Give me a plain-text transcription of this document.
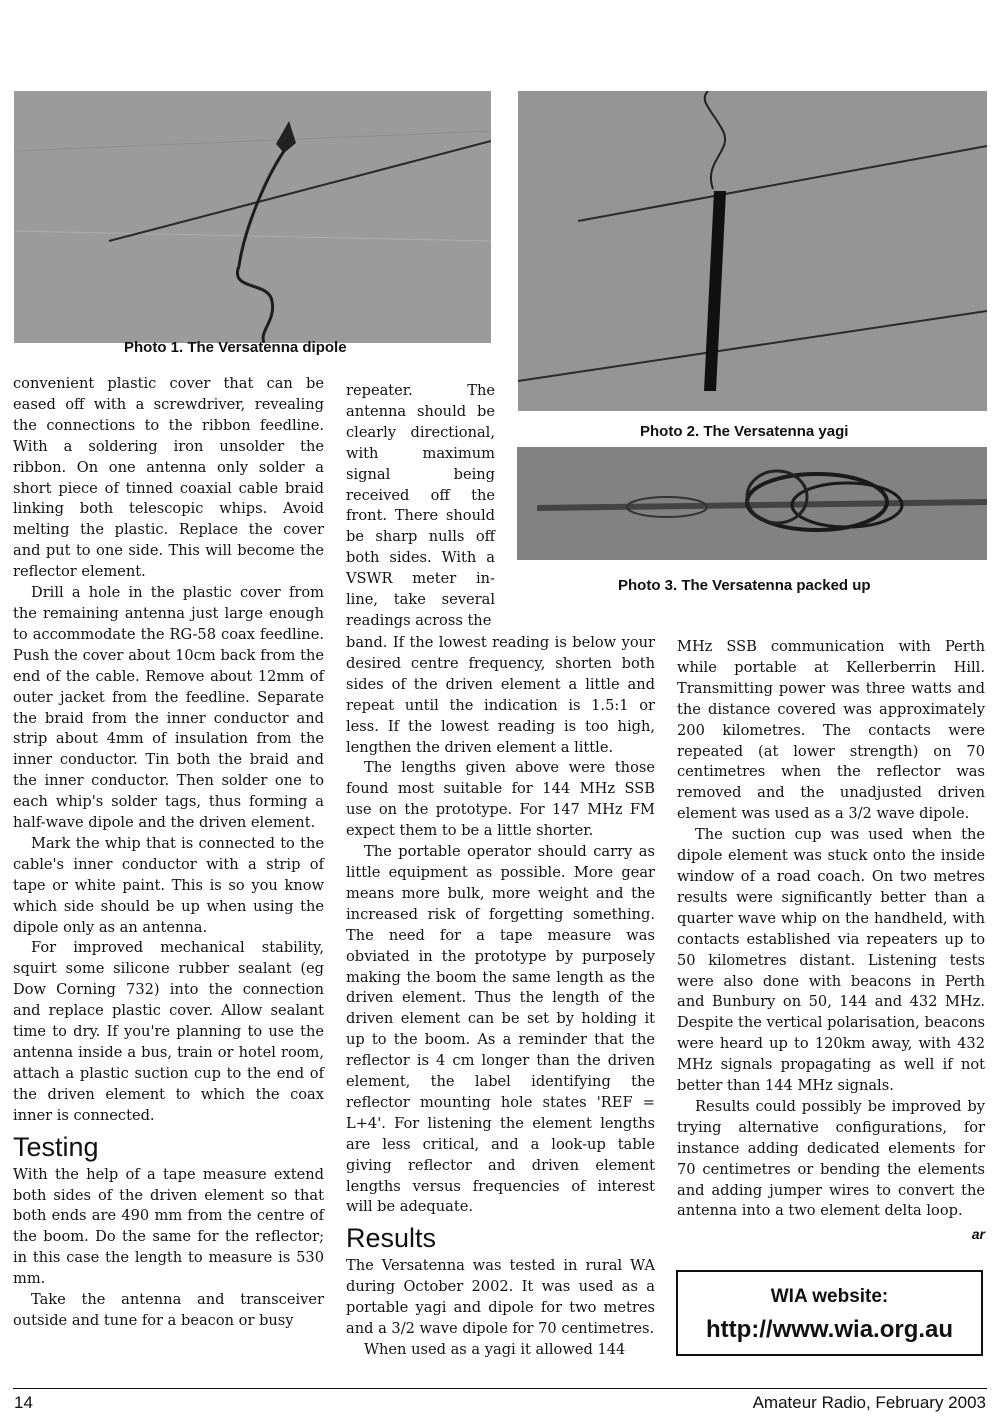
Photo 1. The Versatenna dipole
Photo 2. The Versatenna yagi
Photo 3. The Versatenna packed up

convenient plastic cover that can be eased off with a screwdriver, revealing the connections to the ribbon feedline. With a soldering iron unsolder the ribbon. On one antenna only solder a short piece of tinned coaxial cable braid linking both telescopic whips. Avoid melting the plastic. Replace the cover and put to one side. This will become the reflector element.

Drill a hole in the plastic cover from the remaining antenna just large enough to accommodate the RG-58 coax feedline. Push the cover about 10cm back from the end of the cable. Remove about 12mm of outer jacket from the feedline. Separate the braid from the inner conductor and strip about 4mm of insulation from the inner conductor. Tin both the braid and the inner conductor. Then solder one to each whip's solder tags, thus forming a half-wave dipole and the driven element.

Mark the whip that is connected to the cable's inner conductor with a strip of tape or white paint. This is so you know which side should be up when using the dipole only as an antenna.

For improved mechanical stability, squirt some silicone rubber sealant (eg Dow Corning 732) into the connection and replace plastic cover. Allow sealant time to dry. If you're planning to use the antenna inside a bus, train or hotel room, attach a plastic suction cup to the end of the driven element to which the coax inner is connected.

Testing

With the help of a tape measure extend both sides of the driven element so that both ends are 490 mm from the centre of the boom. Do the same for the reflector; in this case the length to measure is 530 mm.

Take the antenna and transceiver outside and tune for a beacon or busy

repeater. The antenna should be clearly directional, with maximum signal being received off the front. There should be sharp nulls off both sides. With a VSWR meter in-line, take several readings across the

band. If the lowest reading is below your desired centre frequency, shorten both sides of the driven element a little and repeat until the indication is 1.5:1 or less. If the lowest reading is too high, lengthen the driven element a little.

The lengths given above were those found most suitable for 144 MHz SSB use on the prototype. For 147 MHz FM expect them to be a little shorter.

The portable operator should carry as little equipment as possible. More gear means more bulk, more weight and the increased risk of forgetting something. The need for a tape measure was obviated in the prototype by purposely making the boom the same length as the driven element. Thus the length of the driven element can be set by holding it up to the boom. As a reminder that the reflector is 4 cm longer than the driven element, the label identifying the reflector mounting hole states 'REF = L+4'. For listening the element lengths are less critical, and a look-up table giving reflector and driven element lengths versus frequencies of interest will be adequate.

Results

The Versatenna was tested in rural WA during October 2002. It was used as a portable yagi and dipole for two metres and a 3/2 wave dipole for 70 centimetres.

When used as a yagi it allowed 144

MHz SSB communication with Perth while portable at Kellerberrin Hill. Transmitting power was three watts and the distance covered was approximately 200 kilometres. The contacts were repeated (at lower strength) on 70 centimetres when the reflector was removed and the unadjusted driven element was used as a 3/2 wave dipole.

The suction cup was used when the dipole element was stuck onto the inside window of a road coach. On two metres results were significantly better than a quarter wave whip on the handheld, with contacts established via repeaters up to 50 kilometres distant. Listening tests were also done with beacons in Perth and Bunbury on 50, 144 and 432 MHz. Despite the vertical polarisation, beacons were heard up to 120km away, with 432 MHz signals propagating as well if not better than 144 MHz signals.

Results could possibly be improved by trying alternative configurations, for instance adding dedicated elements for 70 centimetres or bending the elements and adding jumper wires to convert the antenna into a two element delta loop.

ar
WIA website:
http://www.wia.org.au
14	Amateur Radio, February 2003
